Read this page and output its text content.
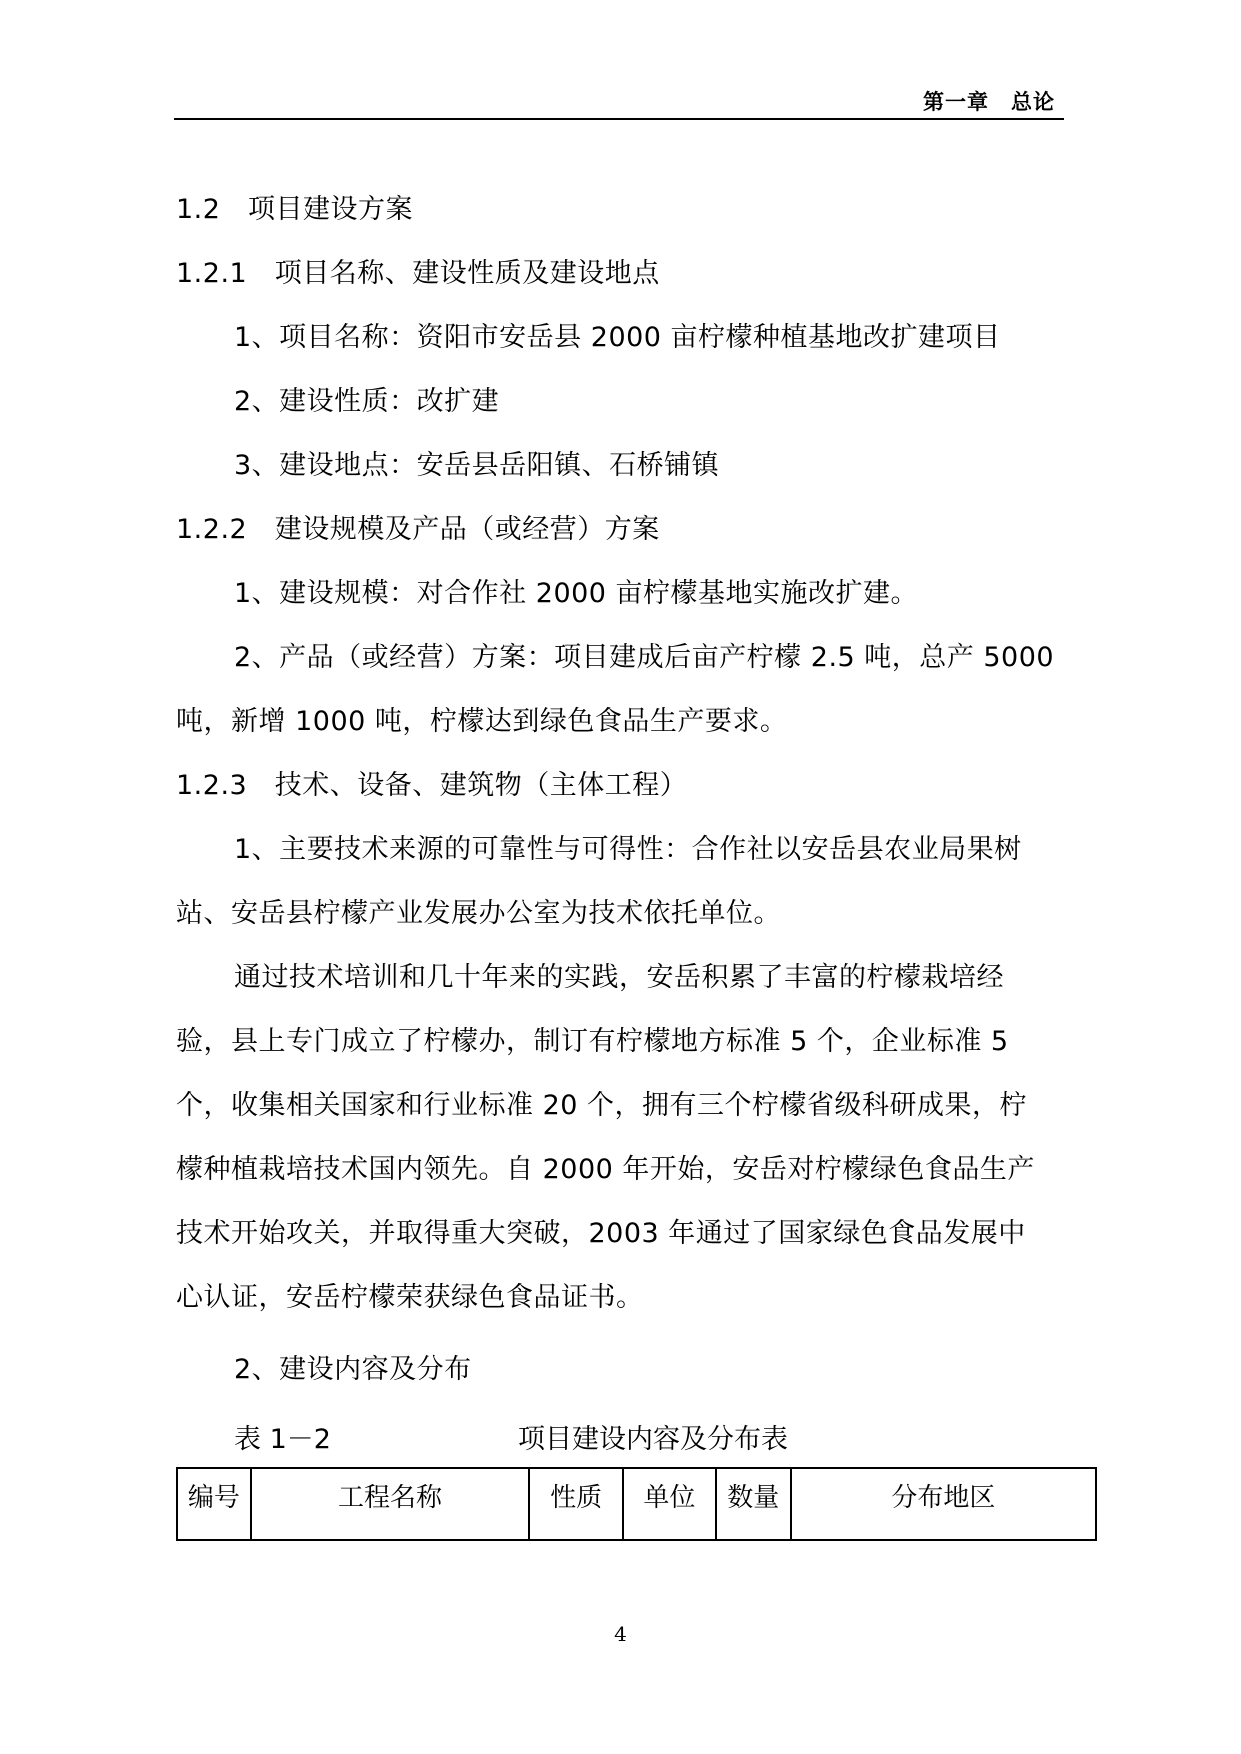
第一章　总论
1.2　项目建设方案
1.2.1　项目名称、建设性质及建设地点
1、项目名称：资阳市安岳县 2000 亩柠檬种植基地改扩建项目
2、建设性质：改扩建
3、建设地点：安岳县岳阳镇、石桥铺镇
1.2.2　建设规模及产品（或经营）方案
1、建设规模：对合作社 2000 亩柠檬基地实施改扩建。
2、产品（或经营）方案：项目建成后亩产柠檬 2.5 吨，总产 5000
吨，新增 1000 吨，柠檬达到绿色食品生产要求。
1.2.3　技术、设备、建筑物（主体工程）
1、主要技术来源的可靠性与可得性：合作社以安岳县农业局果树
站、安岳县柠檬产业发展办公室为技术依托单位。
通过技术培训和几十年来的实践，安岳积累了丰富的柠檬栽培经
验，县上专门成立了柠檬办，制订有柠檬地方标准 5 个，企业标准 5
个，收集相关国家和行业标准 20 个，拥有三个柠檬省级科研成果，柠
檬种植栽培技术国内领先。自 2000 年开始，安岳对柠檬绿色食品生产
技术开始攻关，并取得重大突破，2003 年通过了国家绿色食品发展中
心认证，安岳柠檬荣获绿色食品证书。
2、建设内容及分布
表 1－2	项目建设内容及分布表
编号	工程名称	性质	单位	数量	分布地区
4
